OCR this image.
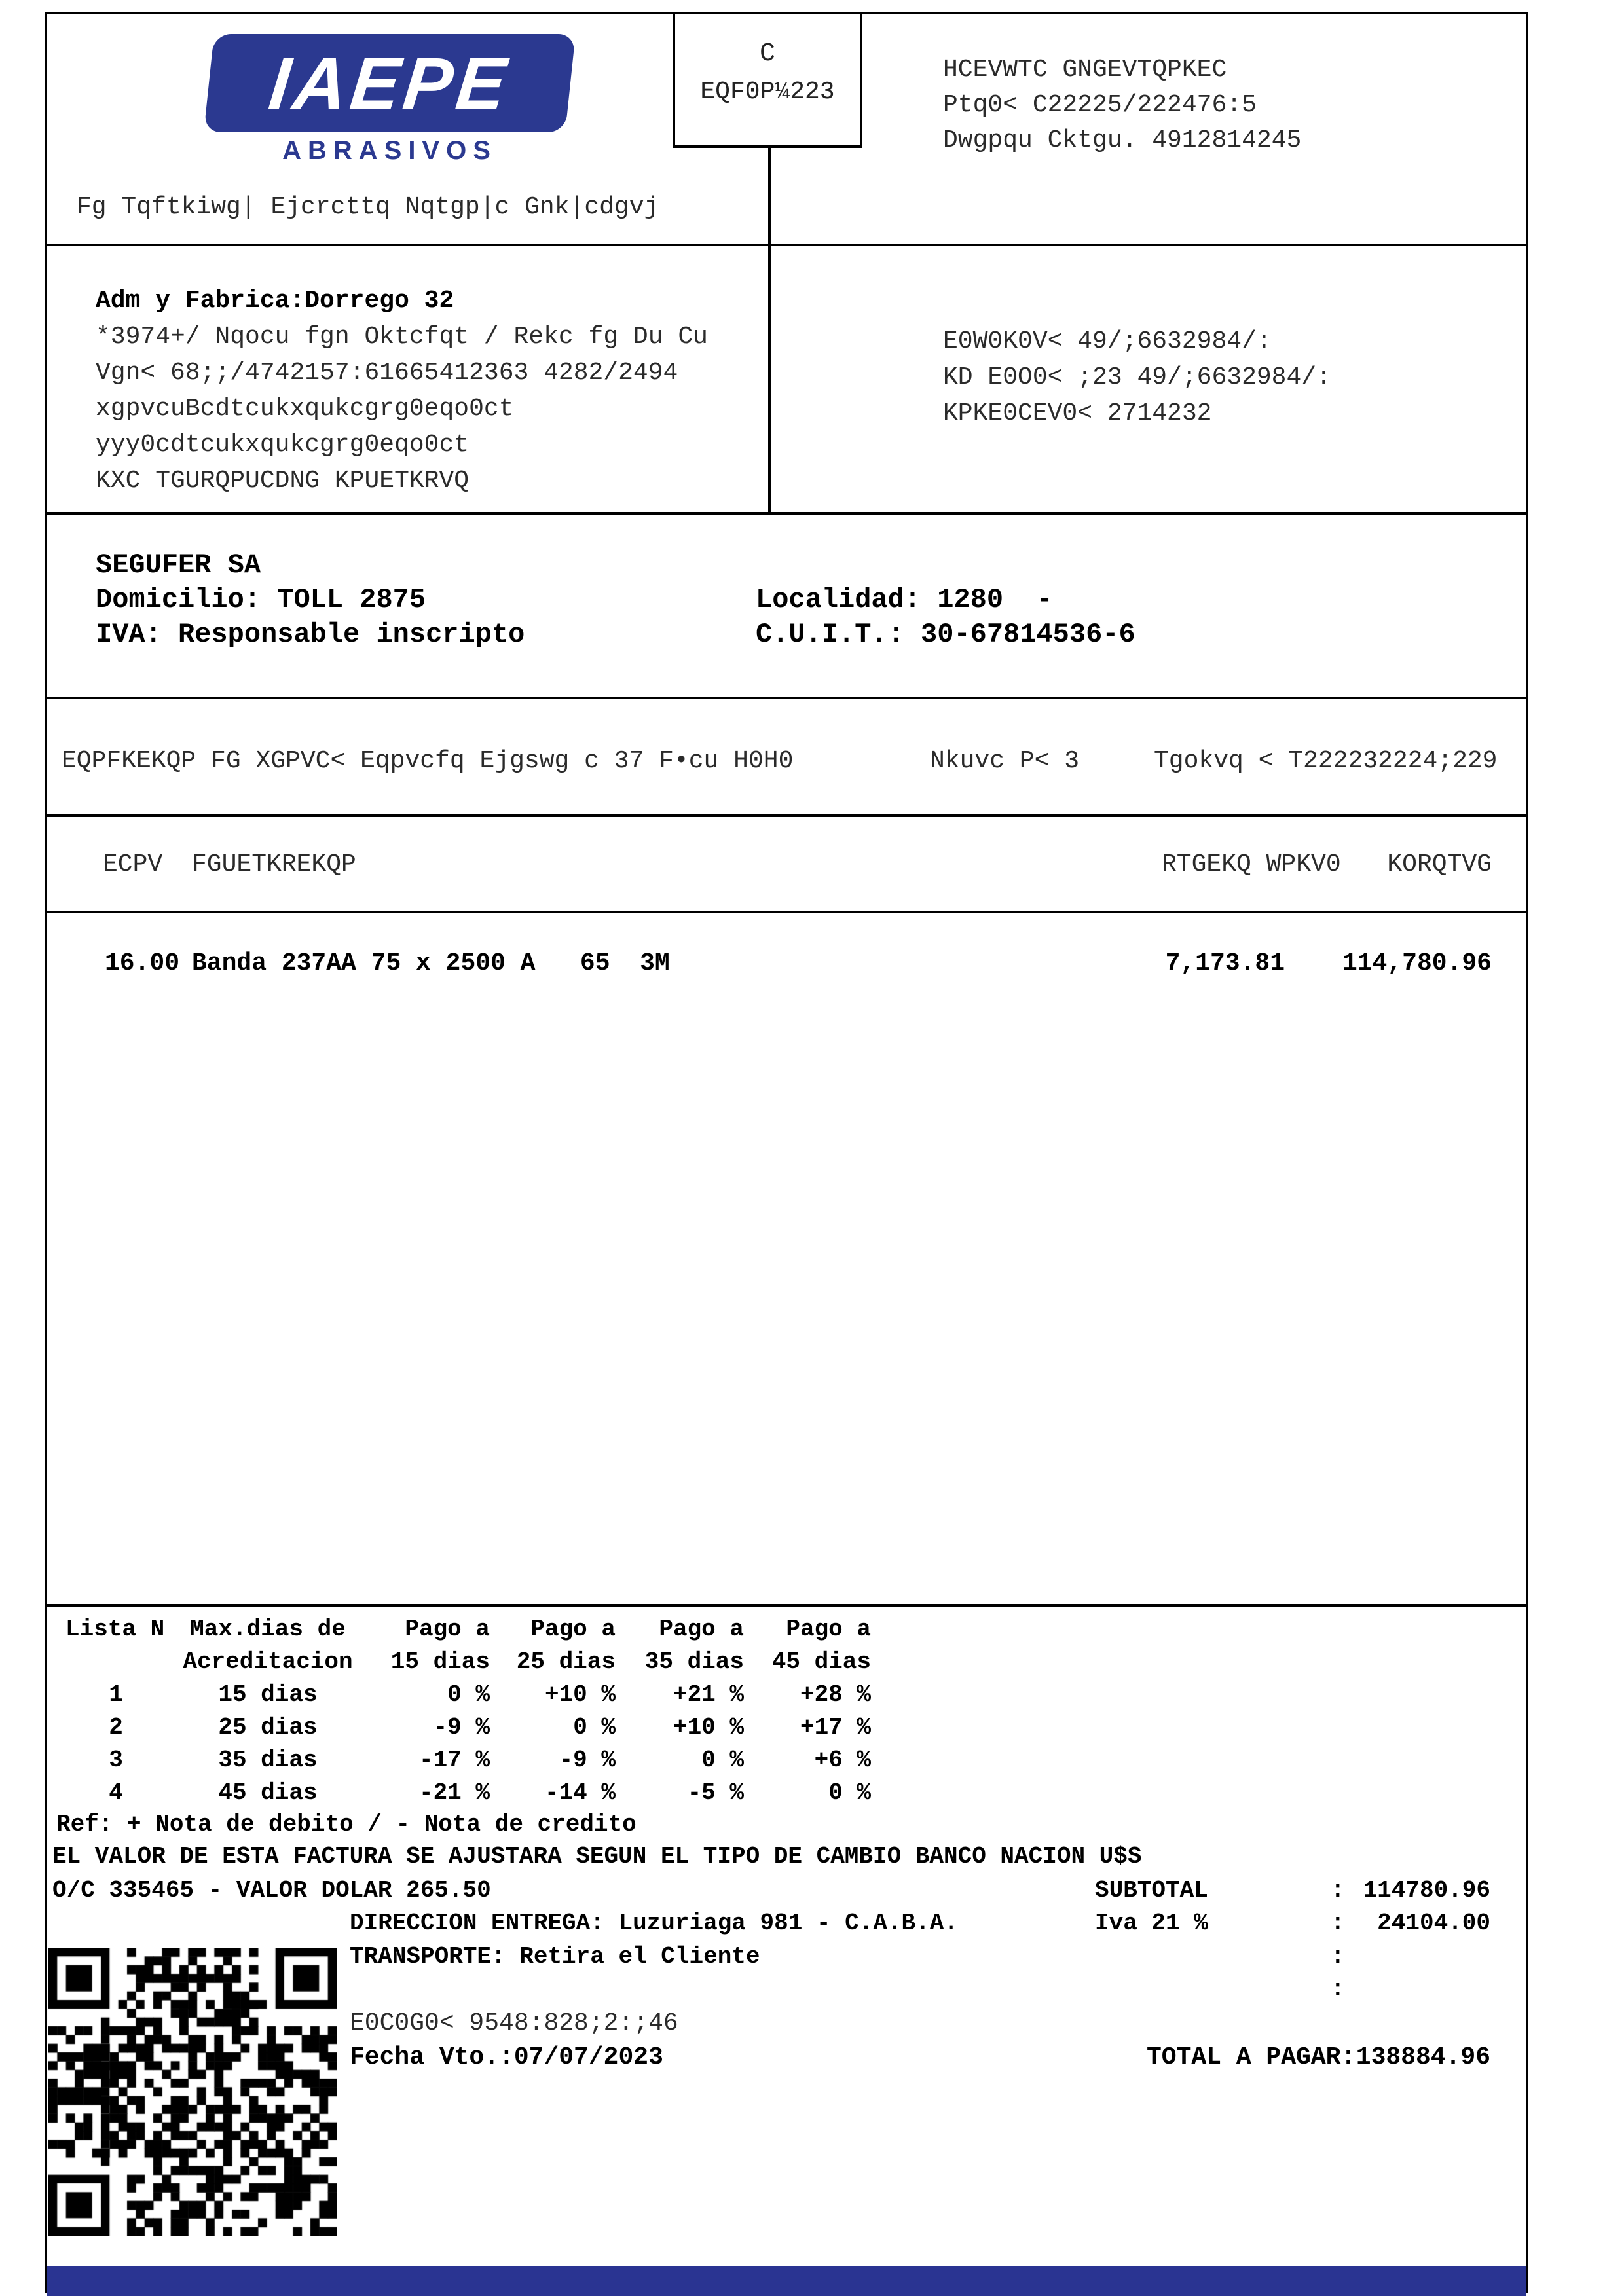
IAEPE
ABRASIVOS
C
EQF0P¼223
HCEVWTC GNGEVTQPKEC
Ptq0< C22225/222476:5
Dwgpqu Cktgu. 4912814245
Fg Tqftkiwg| Ejcrcttq Nqtgp|c Gnk|cdgvj
Adm y Fabrica:Dorrego 32
*3974+/ Nqocu fgn Oktcfqt / Rekc fg Du Cu
Vgn< 68;;/4742157:61665412363 4282/2494
xgpvcuBcdtcukxqukcgrg0eqo0ct
yyy0cdtcukxqukcgrg0eqo0ct
KXC TGURQPUCDNG KPUETKRVQ
E0W0K0V< 49/;6632984/:
KD E0O0< ;23 49/;6632984/:
KPKE0CEV0< 2714232
SEGUFER SA
Domicilio: TOLL 2875	Localidad: 1280  -
IVA: Responsable inscripto	C.U.I.T.: 30-67814536-6
EQPFKEKQP FG XGPVC< Eqpvcfq Ejgswg c 37 F•cu H0H0	Nkuvc P< 3	Tgokvq < T222232224;229
ECPV FGUETKREKQP	RTGEKQ WPKV0 KORQTVG
16.00 Banda 237AA 75 x 2500 A   65  3M	7,173.81 114,780.96
Lista N	Max.dias de	Pago a	Pago a	Pago a	Pago a
Acreditacion	15 dias	25 dias	35 dias	45 dias
1	15 dias	0 %	+10 %	+21 %	+28 %
2	25 dias	-9 %	0 %	+10 %	+17 %
3	35 dias	-17 %	-9 %	0 %	+6 %
4	45 dias	-21 %	-14 %	-5 %	0 %
Ref: + Nota de debito / - Nota de credito
EL VALOR DE ESTA FACTURA SE AJUSTARA SEGUN EL TIPO DE CAMBIO BANCO NACION U$S
O/C 335465 - VALOR DOLAR 265.50	SUBTOTAL	: 114780.96
DIRECCION ENTREGA: Luzuriaga 981 - C.A.B.A.	Iva 21 %	: 24104.00
TRANSPORTE: Retira el Cliente	:
:
E0C0G0< 9548:828;2:;46
Fecha Vto.:07/07/2023	TOTAL A PAGAR: 138884.96
